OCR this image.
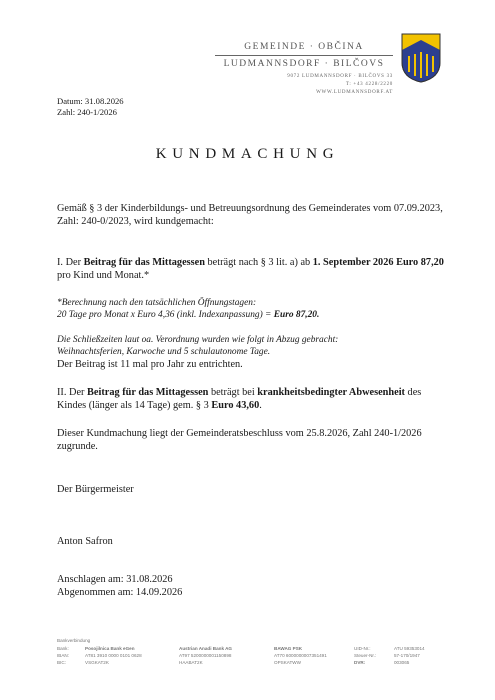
GEMEINDE · OBČINA
LUDMANNSDORF · BILČOVS
9072 LUDMANNSDORF · BILČOVS 33
T: +43 4228/2220
WWW.LUDMANNSDORF.AT
Datum: 31.08.2026
Zahl: 240-1/2026
KUNDMACHUNG

Gemäß § 3 der Kinderbildungs- und Betreuungsordnung des Gemeinderates vom 07.09.2023, Zahl: 240-0/2023, wird kundgemacht:

I. Der Beitrag für das Mittagessen beträgt nach § 3 lit. a) ab 1. September 2026 Euro 87,20 pro Kind und Monat.*

*Berechnung nach den tatsächlichen Öffnungstagen:
20 Tage pro Monat x Euro 4,36 (inkl. Indexanpassung) = Euro 87,20.
Die Schließzeiten laut oa. Verordnung wurden wie folgt in Abzug gebracht:
Weihnachtsferien, Karwoche und 5 schulautonome Tage.
Der Beitrag ist 11 mal pro Jahr zu entrichten.

II. Der Beitrag für das Mittagessen beträgt bei krankheitsbedingter Abwesenheit des Kindes (länger als 14 Tage) gem. § 3 Euro 43,60.

Dieser Kundmachung liegt der Gemeinderatsbeschluss vom 25.8.2026, Zahl 240-1/2026 zugrunde.

Der Bürgermeister
Anton Safron
Anschlagen am: 31.08.2026
Abgenommen am: 14.09.2026
Bankverbindung
Bank:	Posojilnica Bank eGen	Austrian Anadi Bank AG	BAWAG PSK	UID-Nr.:	ATU 59353014
IBAN:	AT81 3910 0000 0101 0628	AT97 5200000001150898	AT70 6000000007351491	Steuer-Nr.:	57-170/1947
BIC:	VSGKAT2K	HAABAT2K	OPSKATWW	DVR:	003065
